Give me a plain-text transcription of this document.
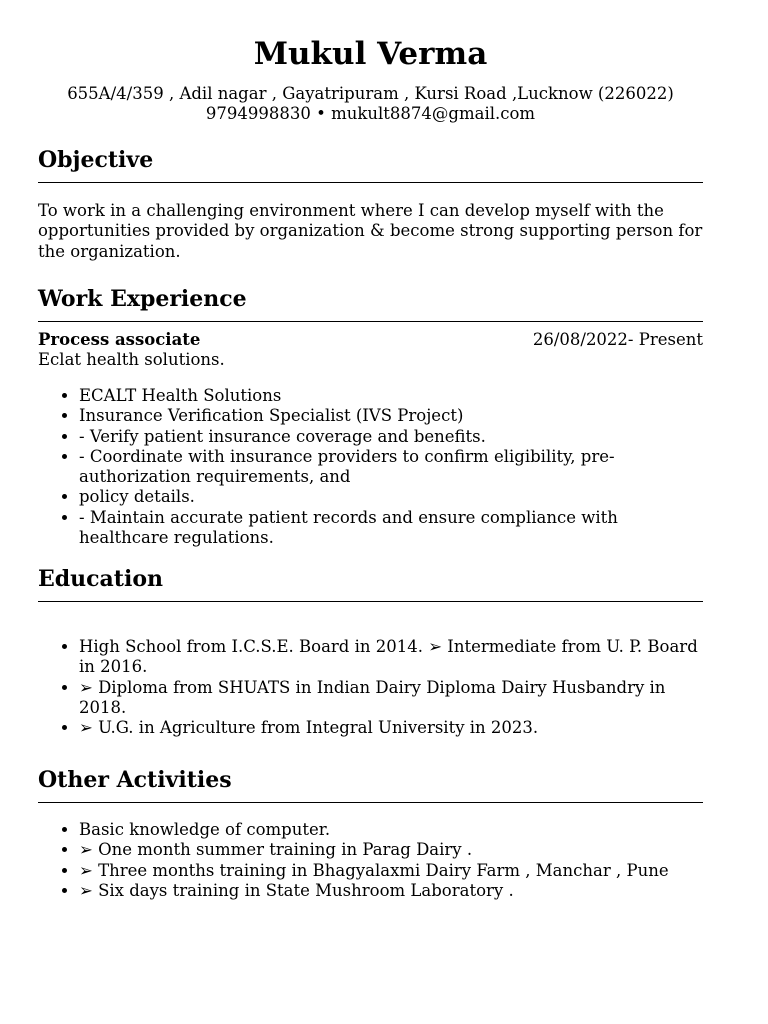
Mukul Verma
655A/4/359 , Adil nagar , Gayatripuram , Kursi Road ,Lucknow (226022)
9794998830 • mukult8874@gmail.com
Objective
To work in a challenging environment where I can develop myself with the opportunities provided by organization & become strong supporting person for the organization.
Work Experience
Process associate	26/08/2022- Present
Eclat health solutions.
• ECALT Health Solutions
• Insurance Verification Specialist (IVS Project)
• - Verify patient insurance coverage and benefits.
• - Coordinate with insurance providers to confirm eligibility, pre-authorization requirements, and
• policy details.
• - Maintain accurate patient records and ensure compliance with healthcare regulations.
Education
• High School from I.C.S.E. Board in 2014. ➢ Intermediate from U. P. Board in 2016.
• ➢ Diploma from SHUATS in Indian Dairy Diploma Dairy Husbandry in 2018.
• ➢ U.G. in Agriculture from Integral University in 2023.
Other Activities
• Basic knowledge of computer.
• ➢ One month summer training in Parag Dairy .
• ➢ Three months training in Bhagyalaxmi Dairy Farm , Manchar , Pune
• ➢ Six days training in State Mushroom Laboratory .
